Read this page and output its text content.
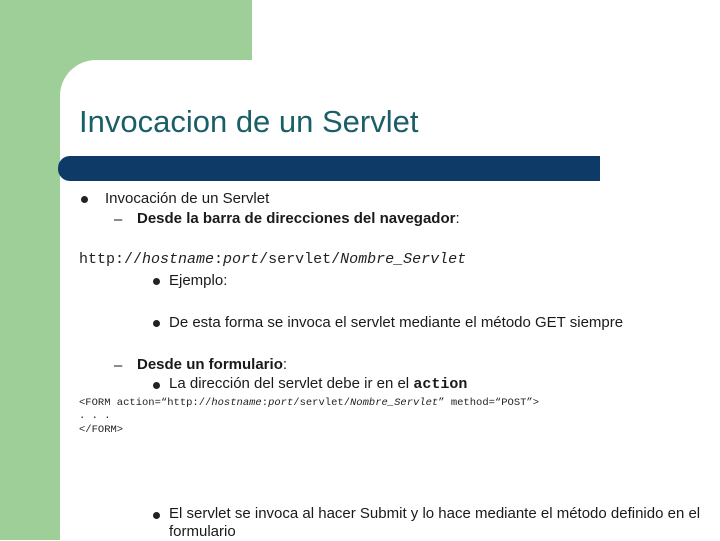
Invocacion de un Servlet
Invocación de un Servlet
– Desde la barra de direcciones del navegador:
http://hostname:port/servlet/Nombre_Servlet
Ejemplo:
De esta forma se invoca el servlet mediante el método GET siempre
– Desde un formulario:
La dirección del servlet debe ir en el action
<FORM action=“http://hostname:port/servlet/Nombre_Servlet” method=“POST”>
. . .
</FORM>
El servlet se invoca al hacer Submit y lo hace mediante el método definido en el formulario
